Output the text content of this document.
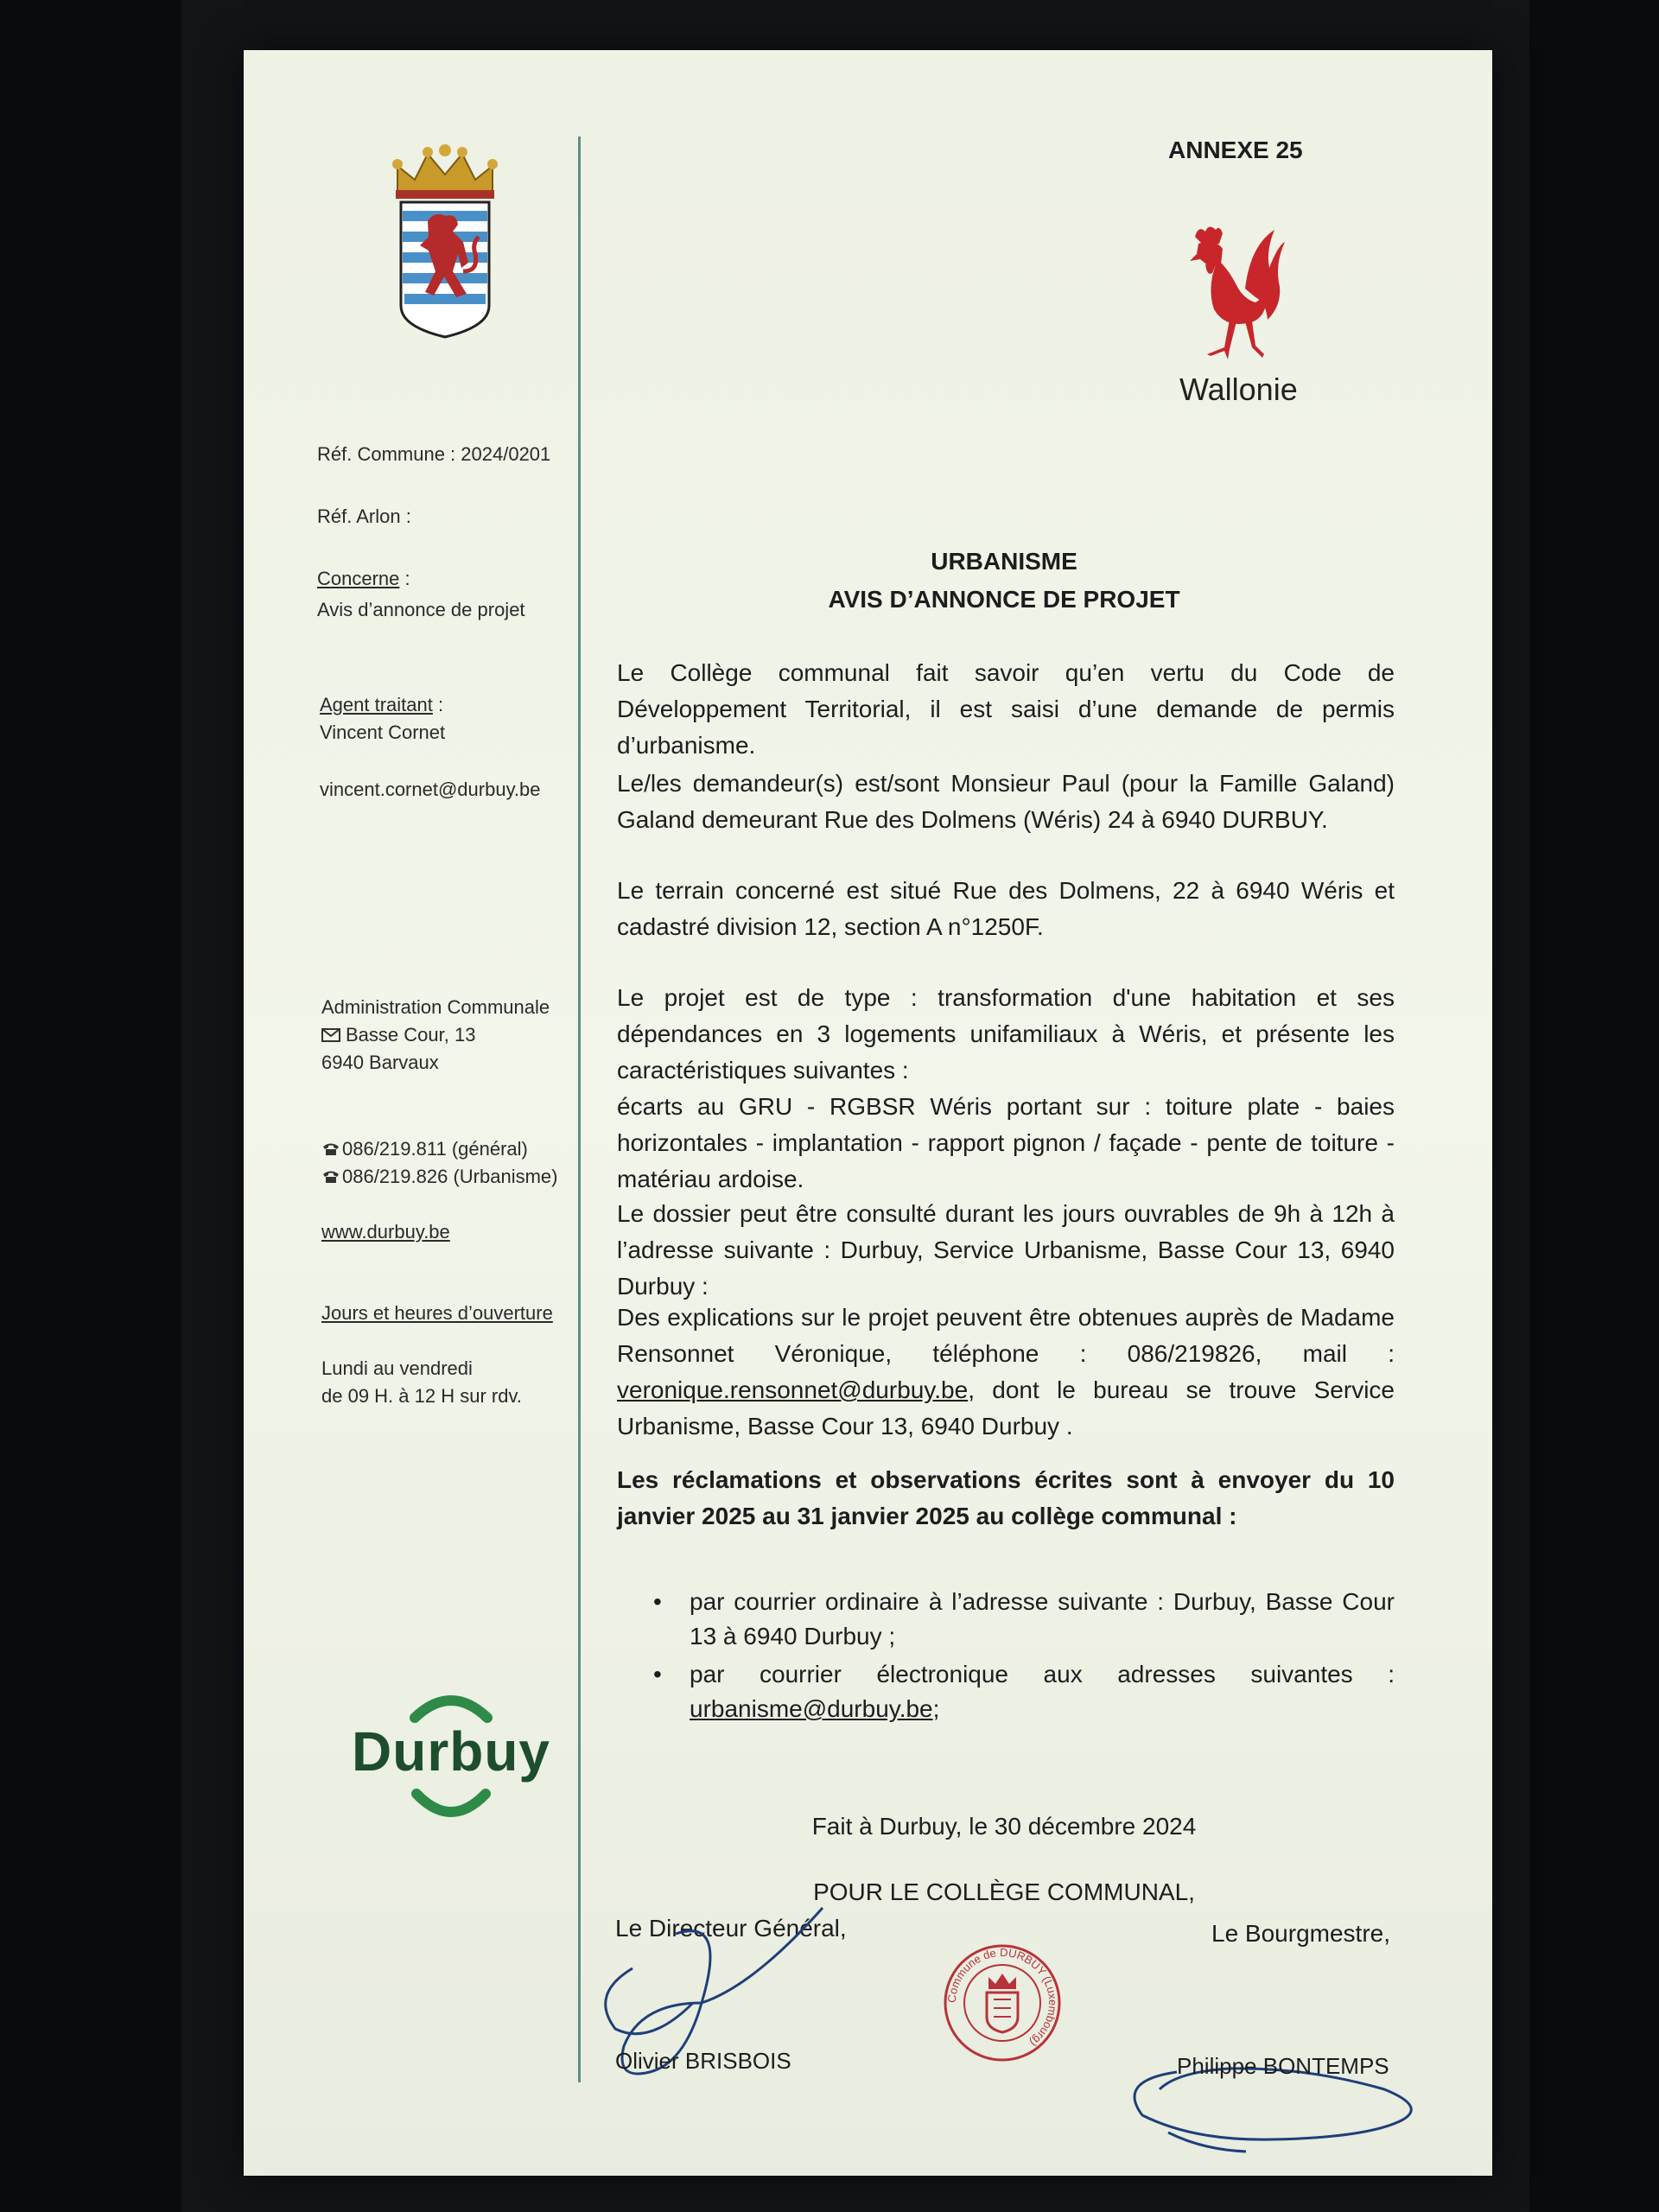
Réf. Commune : 2024/0201
Réf. Arlon :
Concerne :
Avis d’annonce de projet
Agent traitant :
Vincent Cornet
vincent.cornet@durbuy.be
Administration Communale
Basse Cour, 13
6940 Barvaux
086/219.811 (général)
086/219.826 (Urbanisme)
www.durbuy.be
Jours et heures d’ouverture
Lundi au vendredi
de 09 H. à 12 H sur rdv.
Durbuy
ANNEXE 25
Wallonie
URBANISME
AVIS D’ANNONCE DE PROJET
Le Collège communal fait savoir qu’en vertu du Code de Développement Territorial, il est saisi d’une demande de permis d’urbanisme.
Le/les demandeur(s) est/sont Monsieur Paul (pour la Famille Galand) Galand demeurant Rue des Dolmens (Wéris) 24 à 6940 DURBUY.
Le terrain concerné est situé Rue des Dolmens, 22 à 6940 Wéris et cadastré division 12, section A n°1250F.
Le projet est de type : transformation d'une habitation et ses dépendances en 3 logements unifamiliaux à Wéris, et présente les caractéristiques suivantes :
écarts au GRU - RGBSR Wéris portant sur : toiture plate - baies horizontales - implantation - rapport pignon / façade - pente de toiture - matériau ardoise.
Le dossier peut être consulté durant les jours ouvrables de 9h à 12h à l’adresse suivante : Durbuy, Service Urbanisme, Basse Cour 13, 6940 Durbuy :
Des explications sur le projet peuvent être obtenues auprès de Madame Rensonnet Véronique, téléphone : 086/219826, mail : veronique.rensonnet@durbuy.be, dont le bureau se trouve Service Urbanisme, Basse Cour 13, 6940 Durbuy .
Les réclamations et observations écrites sont à envoyer du 10 janvier 2025 au 31 janvier 2025 au collège communal :
• par courrier ordinaire à l’adresse suivante : Durbuy, Basse Cour 13 à 6940 Durbuy ;
• par courrier électronique aux adresses suivantes : urbanisme@durbuy.be;
Fait à Durbuy, le 30 décembre 2024
POUR LE COLLÈGE COMMUNAL,
Le Directeur Général,	Le Bourgmestre,
Commune de DURBUY (Luxembourg)
Olivier BRISBOIS	Philippe BONTEMPS
